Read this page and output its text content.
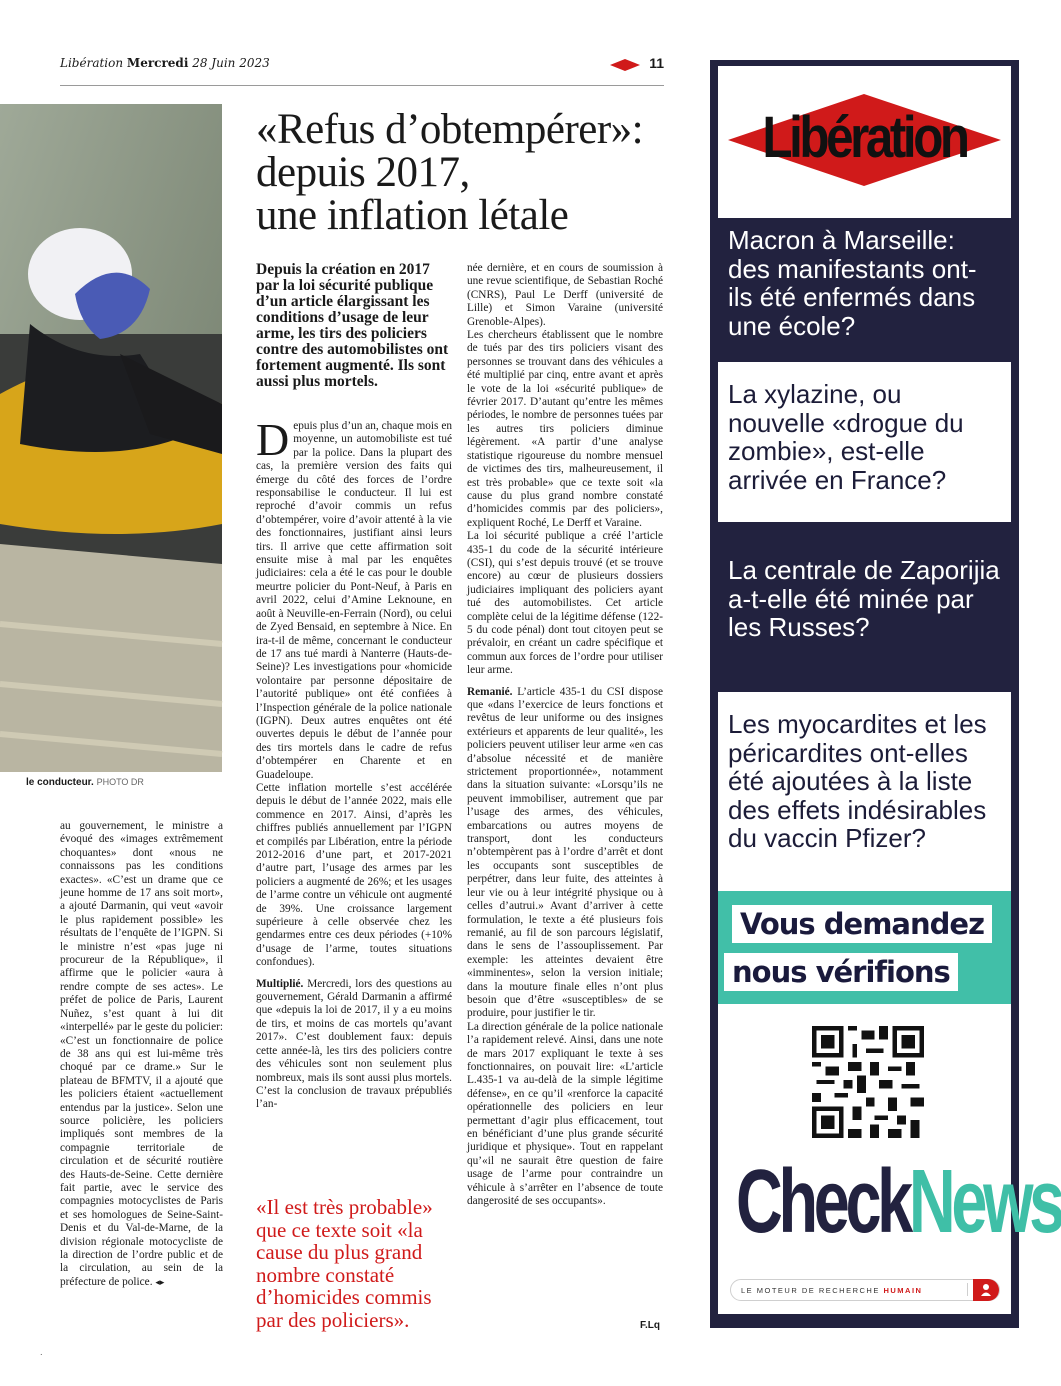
Libération Mercredi 28 Juin 2023	11
le conducteur. PHOTO DR
«Refus d’obtempérer»:
depuis 2017,
une inflation létale
Depuis la création en 2017 par la loi sécurité publique d’un article élargissant les conditions d’usage de leur arme, les tirs des policiers contre des automobilistes ont fortement augmenté. Ils sont aussi plus mortels.

au gouvernement, le ministre a évoqué des «images extrêmement choquantes» dont «nous ne connaissons pas les conditions exactes». «C’est un drame que ce jeune homme de 17 ans soit mort», a ajouté Darmanin, qui veut «avoir le plus rapidement possible» les résultats de l’enquête de l’IGPN. Si le ministre n’est «pas juge ni procureur de la République», il affirme que le policier «aura à rendre compte de ses actes». Le préfet de police de Paris, Laurent Nuñez, s’est quant à lui dit «interpellé» par le geste du policier: «C’est un fonctionnaire de police de 38 ans qui est lui-même très choqué par ce drame.» Sur le plateau de BFMTV, il a ajouté que les policiers étaient «actuellement entendus par la justice». Selon une source policière, les policiers impliqués sont membres de la compagnie territoriale de circulation et de sécurité routière des Hauts-de-Seine. Cette dernière fait partie, avec le service des compagnies motocyclistes de Paris et ses homologues de Seine-Saint-Denis et du Val-de-Marne, de la division régionale motocycliste de la direction de l’ordre public et de la circulation, au sein de la préfecture de police. ◂▸

Depuis plus d’un an, chaque mois en moyenne, un automobiliste est tué par la police. Dans la plupart des cas, la première version des faits qui émerge du côté des forces de l’ordre responsabilise le conducteur. Il lui est reproché d’avoir commis un refus d’obtempérer, voire d’avoir attenté à la vie des fonctionnaires, justifiant ainsi leurs tirs. Il arrive que cette affirmation soit ensuite mise à mal par les enquêtes judiciaires: cela a été le cas pour le double meurtre policier du Pont-Neuf, à Paris en avril 2022, celui d’Amine Leknoune, en août à Neuville-en-Ferrain (Nord), ou celui de Zyed Bensaid, en septembre à Nice. En ira-t-il de même, concernant le conducteur de 17 ans tué mardi à Nanterre (Hauts-de-Seine)? Les investigations pour «homicide volontaire par personne dépositaire de l’autorité publique» ont été confiées à l’Inspection générale de la police nationale (IGPN). Deux autres enquêtes ont été ouvertes depuis le début de l’année pour des tirs mortels dans le cadre de refus d’obtempérer en Charente et en Guadeloupe.

Cette inflation mortelle s’est accélérée depuis le début de l’année 2022, mais elle commence en 2017. Ainsi, d’après les chiffres publiés annuellement par l’IGPN et compilés par Libération, entre la période 2012-2016 d’une part, et 2017-2021 d’autre part, l’usage des armes par les policiers a augmenté de 26%; et les usages de l’arme contre un véhicule ont augmenté de 39%. Une croissance largement supérieure à celle observée chez les gendarmes entre ces deux périodes (+10% d’usage de l’arme, toutes situations confondues).

Multiplié. Mercredi, lors des questions au gouvernement, Gérald Darmanin a affirmé que «depuis la loi de 2017, il y a eu moins de tirs, et moins de cas mortels qu’avant 2017». C’est doublement faux: depuis cette année-là, les tirs des policiers contre des véhicules sont non seulement plus nombreux, mais ils sont aussi plus mortels. C’est la conclusion de travaux prépubliés l’an-

née dernière, et en cours de soumission à une revue scientifique, de Sebastian Roché (CNRS), Paul Le Derff (université de Lille) et Simon Varaine (université Grenoble-Alpes).

Les chercheurs établissent que le nombre de tués par des tirs policiers visant des personnes se trouvant dans des véhicules a été multiplié par cinq, entre avant et après le vote de la loi «sécurité publique» de février 2017. D’autant qu’entre les mêmes périodes, le nombre de personnes tuées par les autres tirs policiers diminue légèrement. «A partir d’une analyse statistique rigoureuse du nombre mensuel de victimes des tirs, malheureusement, il est très probable» que ce texte soit «la cause du plus grand nombre constaté d’homicides commis par des policiers», expliquent Roché, Le Derff et Varaine.

La loi sécurité publique a créé l’article 435-1 du code de la sécurité intérieure (CSI), qui s’est depuis trouvé (et se trouve encore) au cœur de plusieurs dossiers judiciaires impliquant des policiers ayant tué des automobilistes. Cet article complète celui de la légitime défense (122-5 du code pénal) dont tout citoyen peut se prévaloir, en créant un cadre spécifique et commun aux forces de l’ordre pour utiliser leur arme.

Remanié. L’article 435-1 du CSI dispose que «dans l’exercice de leurs fonctions et revêtus de leur uniforme ou des insignes extérieurs et apparents de leur qualité», les policiers peuvent utiliser leur arme «en cas d’absolue nécessité et de manière strictement proportionnée», notamment dans la situation suivante: «Lorsqu’ils ne peuvent immobiliser, autrement que par l’usage des armes, des véhicules, embarcations ou autres moyens de transport, dont les conducteurs n’obtempèrent pas à l’ordre d’arrêt et dont les occupants sont susceptibles de perpétrer, dans leur fuite, des atteintes à leur vie ou à leur intégrité physique ou à celles d’autrui.» Avant d’arriver à cette formulation, le texte a été plusieurs fois remanié, au fil de son parcours législatif, dans le sens de l’assouplissement. Par exemple: les atteintes devaient être «imminentes», selon la version initiale; dans la mouture finale elles n’ont plus besoin que d’être «susceptibles» de se produire, pour justifier le tir.

La direction générale de la police nationale l’a rapidement relevé. Ainsi, dans une note de mars 2017 expliquant le texte à ses fonctionnaires, on pouvait lire: «L’article L.435-1 va au-delà de la simple légitime défense», en ce qu’il «renforce la capacité opérationnelle des policiers en leur permettant d’agir plus efficacement, tout en bénéficiant d’une plus grande sécurité juridique et physique». Tout en rappelant qu’«il ne saurait être question de faire usage de l’arme pour contraindre un véhicule à s’arrêter en l’absence de toute dangerosité de ses occupants».

«Il est très probable» que ce texte soit «la cause du plus grand nombre constaté d’homicides commis par des policiers».	F.Lq
.
Libération
Macron à Marseille: des manifestants ont-ils été enfermés dans une école?
La xylazine, ou nouvelle «drogue du zombie», est-elle arrivée en France?
La centrale de Zaporijia a-t-elle été minée par les Russes?
Les myocardites et les péricardites ont-elles été ajoutées à la liste des effets indésirables du vaccin Pfizer?
Vous demandez
nous vérifions
CheckNews
LE MOTEUR DE RECHERCHE HUMAIN
